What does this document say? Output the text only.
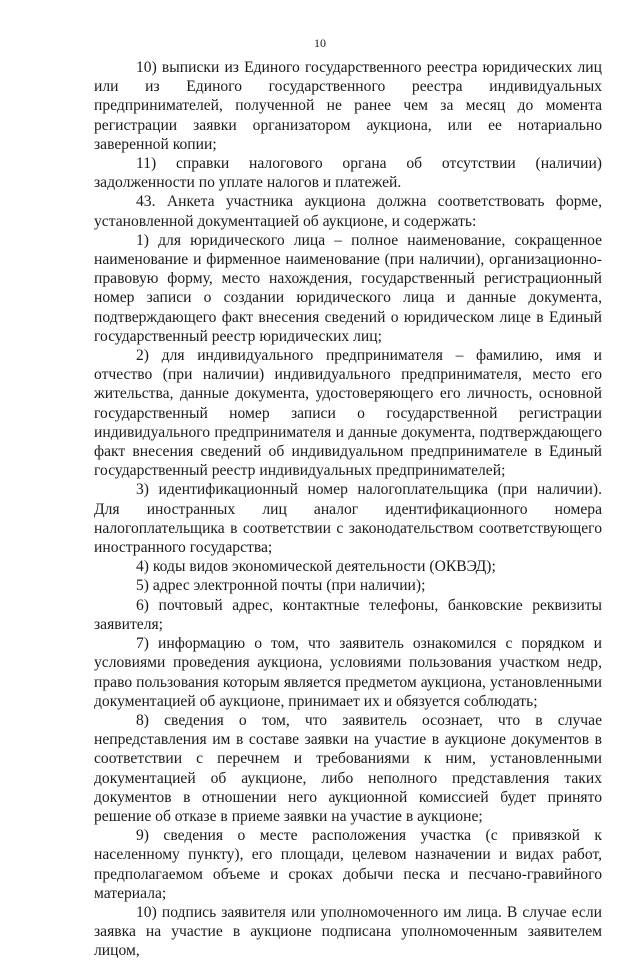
10

10) выписки из Единого государственного реестра юридических лиц или из Единого государственного реестра индивидуальных предпринимателей, полученной не ранее чем за месяц до момента регистрации заявки организатором аукциона, или ее нотариально заверенной копии;

11) справки налогового органа об отсутствии (наличии) задолженности по уплате налогов и платежей.

43. Анкета участника аукциона должна соответствовать форме, установленной документацией об аукционе, и содержать:

1) для юридического лица – полное наименование, сокращенное наименование и фирменное наименование (при наличии), организационно-правовую форму, место нахождения, государственный регистрационный номер записи о создании юридического лица и данные документа, подтверждающего факт внесения сведений о юридическом лице в Единый государственный реестр юридических лиц;

2) для индивидуального предпринимателя – фамилию, имя и отчество (при наличии) индивидуального предпринимателя, место его жительства, данные документа, удостоверяющего его личность, основной государственный номер записи о государственной регистрации индивидуального предпринимателя и данные документа, подтверждающего факт внесения сведений об индивидуальном предпринимателе в Единый государственный реестр индивидуальных предпринимателей;

3) идентификационный номер налогоплательщика (при наличии). Для иностранных лиц аналог идентификационного номера налогоплательщика в соответствии с законодательством соответствующего иностранного государства;

4) коды видов экономической деятельности (ОКВЭД);

5) адрес электронной почты (при наличии);

6) почтовый адрес, контактные телефоны, банковские реквизиты заявителя;

7) информацию о том, что заявитель ознакомился с порядком и условиями проведения аукциона, условиями пользования участком недр, право пользования которым является предметом аукциона, установленными документацией об аукционе, принимает их и обязуется соблюдать;

8) сведения о том, что заявитель осознает, что в случае непредставления им в составе заявки на участие в аукционе документов в соответствии с перечнем и требованиями к ним, установленными документацией об аукционе, либо неполного представления таких документов в отношении него аукционной комиссией будет принято решение об отказе в приеме заявки на участие в аукционе;

9) сведения о месте расположения участка (с привязкой к населенному пункту), его площади, целевом назначении и видах работ, предполагаемом объеме и сроках добычи песка и песчано-гравийного материала;

10) подпись заявителя или уполномоченного им лица. В случае если заявка на участие в аукционе подписана уполномоченным заявителем лицом,
